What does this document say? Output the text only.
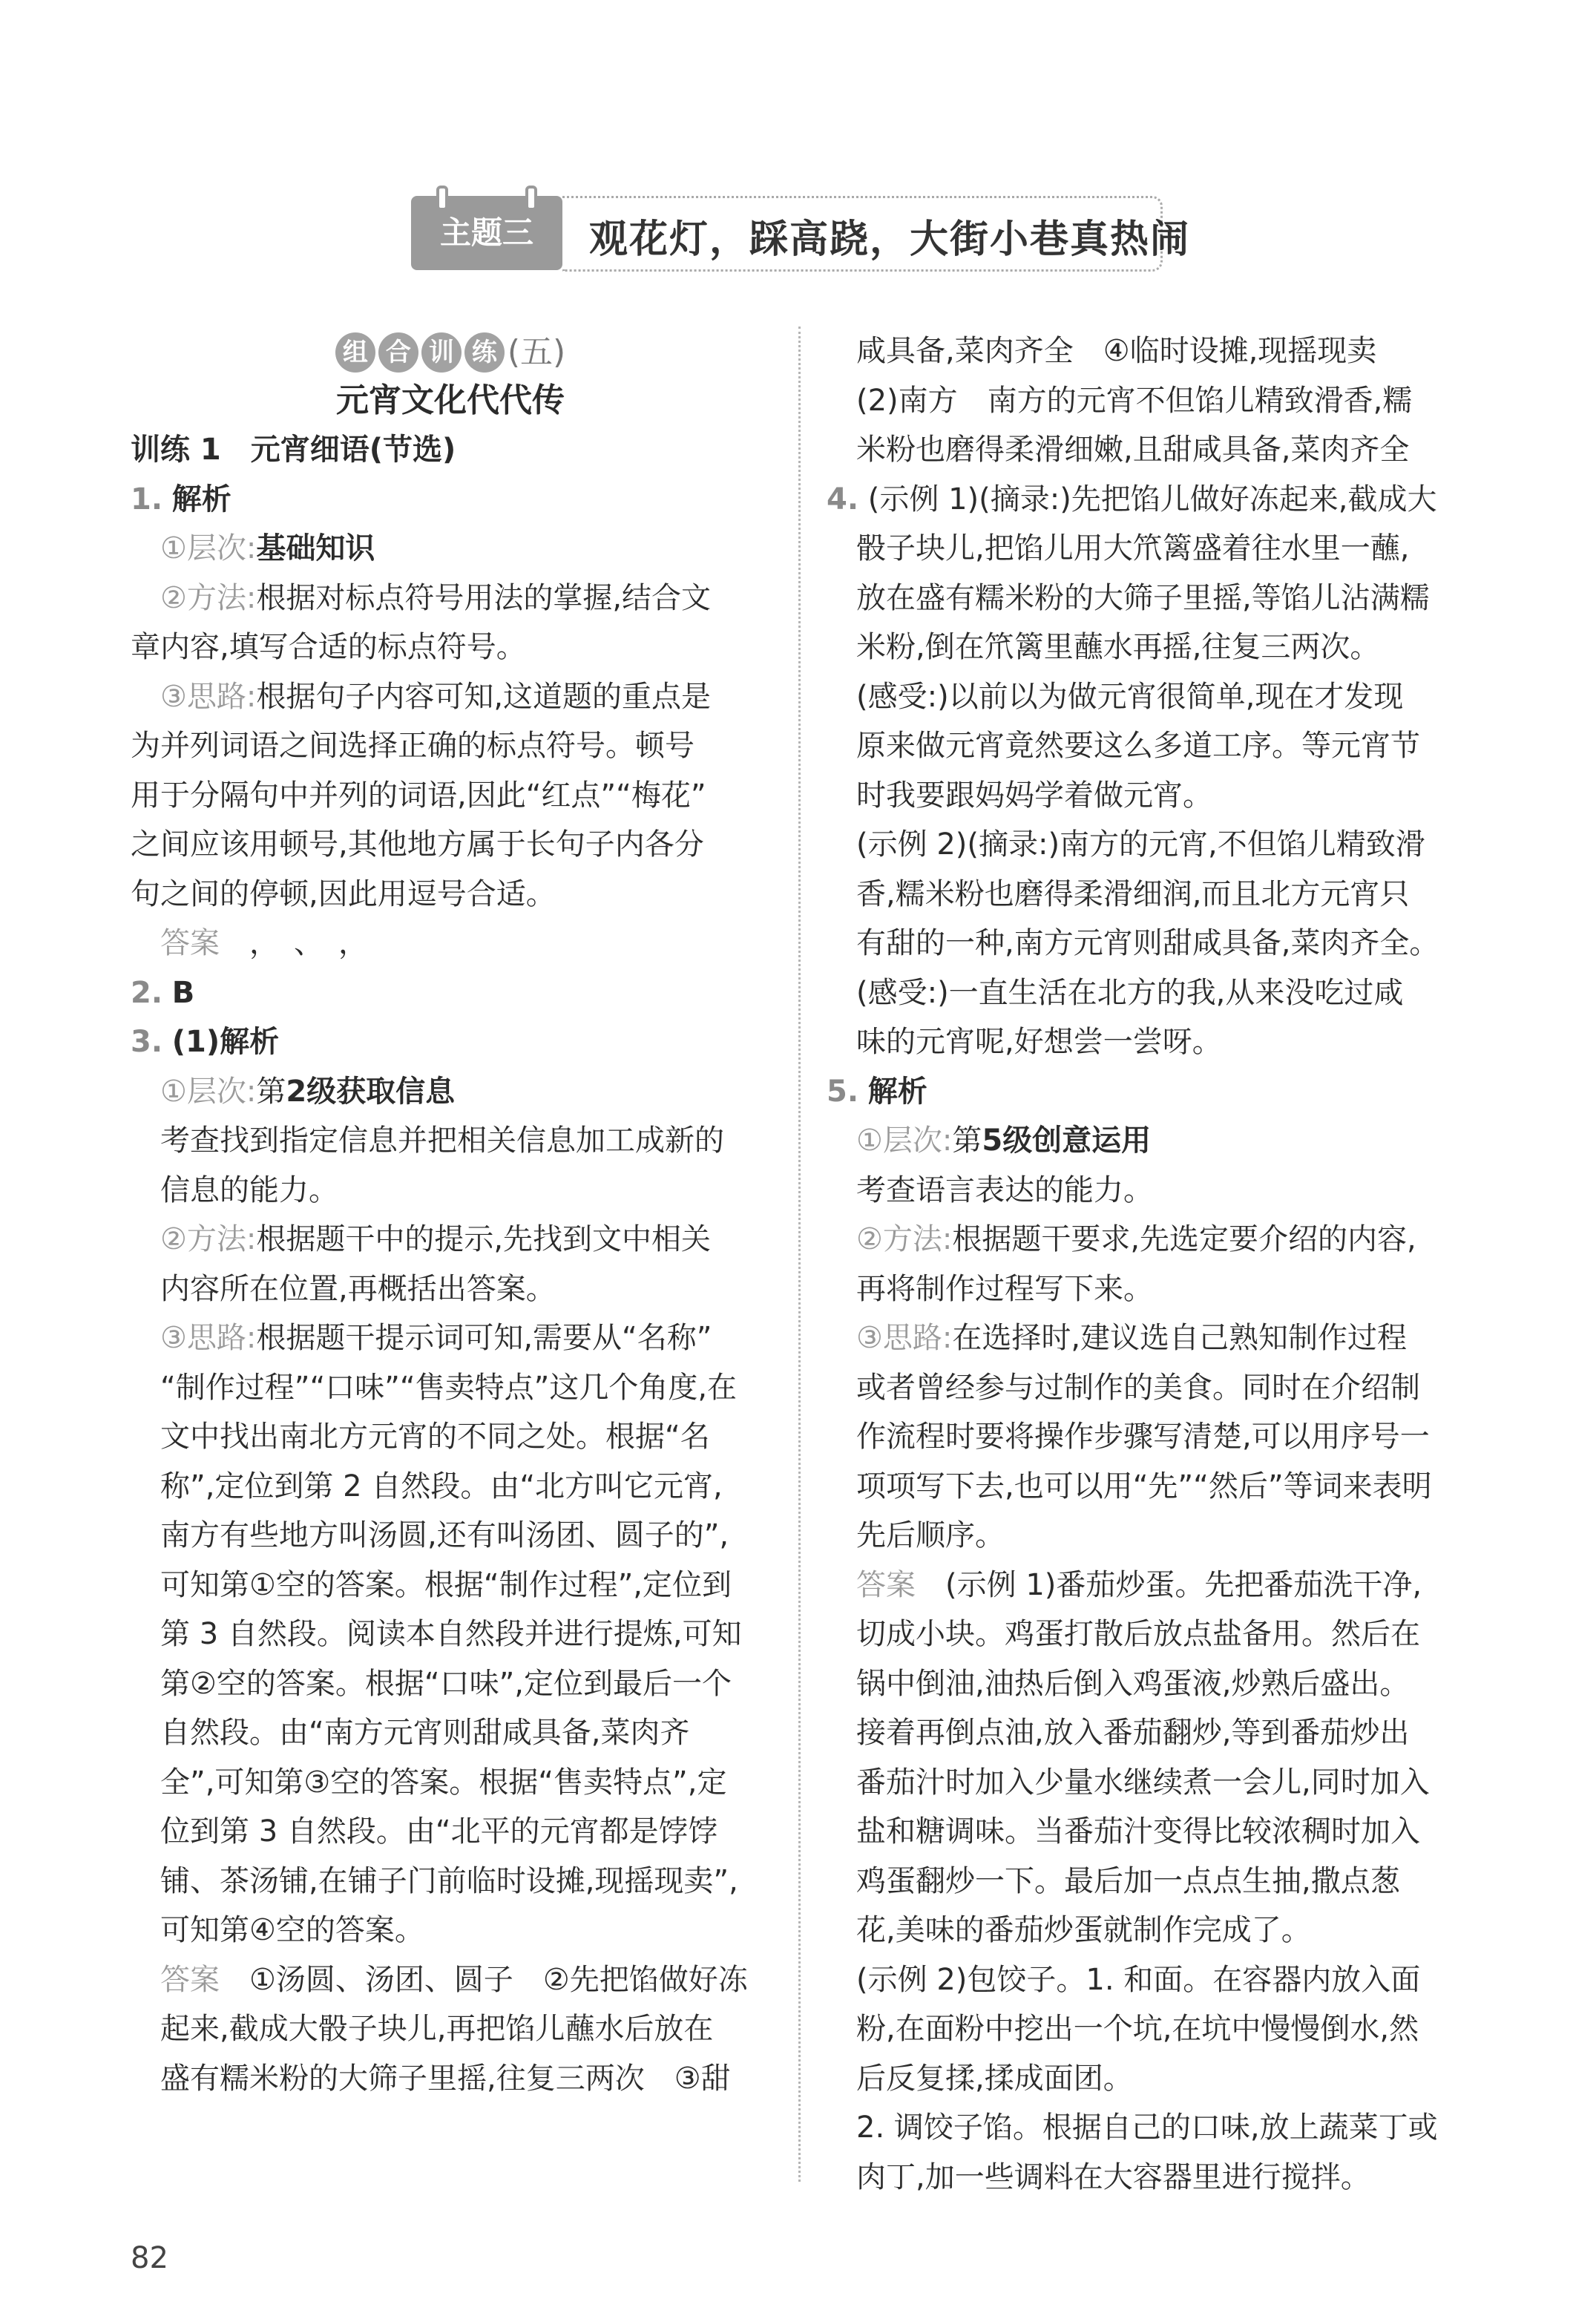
主题三	观花灯，踩高跷，大街小巷真热闹

组 合 训 练 (五)

元宵文化代代传

训练 1　元宵细语(节选)

1. 解析

①层次:基础知识

②方法:根据对标点符号用法的掌握,结合文

章内容,填写合适的标点符号。

③思路:根据句子内容可知,这道题的重点是

为并列词语之间选择正确的标点符号。顿号

用于分隔句中并列的词语,因此“红点”“梅花”

之间应该用顿号,其他地方属于长句子内各分

句之间的停顿,因此用逗号合适。

答案　 ，　、　，

2. B

3. (1)解析

①层次:第2级获取信息

考查找到指定信息并把相关信息加工成新的

信息的能力。

②方法:根据题干中的提示,先找到文中相关

内容所在位置,再概括出答案。

③思路:根据题干提示词可知,需要从“名称”

“制作过程”“口味”“售卖特点”这几个角度,在

文中找出南北方元宵的不同之处。根据“名

称”,定位到第 2 自然段。由“北方叫它元宵,

南方有些地方叫汤圆,还有叫汤团、圆子的”,

可知第①空的答案。根据“制作过程”,定位到

第 3 自然段。阅读本自然段并进行提炼,可知

第②空的答案。根据“口味”,定位到最后一个

自然段。由“南方元宵则甜咸具备,菜肉齐

全”,可知第③空的答案。根据“售卖特点”,定

位到第 3 自然段。由“北平的元宵都是饽饽

铺、茶汤铺,在铺子门前临时设摊,现摇现卖”,

可知第④空的答案。

答案　 ①汤圆、汤团、圆子　②先把馅做好冻

起来,截成大骰子块儿,再把馅儿蘸水后放在

盛有糯米粉的大筛子里摇,往复三两次　③甜

咸具备,菜肉齐全　④临时设摊,现摇现卖

(2)南方　南方的元宵不但馅儿精致滑香,糯

米粉也磨得柔滑细嫩,且甜咸具备,菜肉齐全

4. (示例 1)(摘录:)先把馅儿做好冻起来,截成大

骰子块儿,把馅儿用大笊篱盛着往水里一蘸,

放在盛有糯米粉的大筛子里摇,等馅儿沾满糯

米粉,倒在笊篱里蘸水再摇,往复三两次。

(感受:)以前以为做元宵很简单,现在才发现

原来做元宵竟然要这么多道工序。等元宵节

时我要跟妈妈学着做元宵。

(示例 2)(摘录:)南方的元宵,不但馅儿精致滑

香,糯米粉也磨得柔滑细润,而且北方元宵只

有甜的一种,南方元宵则甜咸具备,菜肉齐全。

(感受:)一直生活在北方的我,从来没吃过咸

味的元宵呢,好想尝一尝呀。

5. 解析

①层次:第5级创意运用

考查语言表达的能力。

②方法:根据题干要求,先选定要介绍的内容,

再将制作过程写下来。

③思路:在选择时,建议选自己熟知制作过程

或者曾经参与过制作的美食。同时在介绍制

作流程时要将操作步骤写清楚,可以用序号一

项项写下去,也可以用“先”“然后”等词来表明

先后顺序。

答案　 (示例 1)番茄炒蛋。先把番茄洗干净,

切成小块。鸡蛋打散后放点盐备用。然后在

锅中倒油,油热后倒入鸡蛋液,炒熟后盛出。

接着再倒点油,放入番茄翻炒,等到番茄炒出

番茄汁时加入少量水继续煮一会儿,同时加入

盐和糖调味。当番茄汁变得比较浓稠时加入

鸡蛋翻炒一下。最后加一点点生抽,撒点葱

花,美味的番茄炒蛋就制作完成了。

(示例 2)包饺子。1. 和面。在容器内放入面

粉,在面粉中挖出一个坑,在坑中慢慢倒水,然

后反复揉,揉成面团。

2. 调饺子馅。根据自己的口味,放上蔬菜丁或

肉丁,加一些调料在大容器里进行搅拌。

82
